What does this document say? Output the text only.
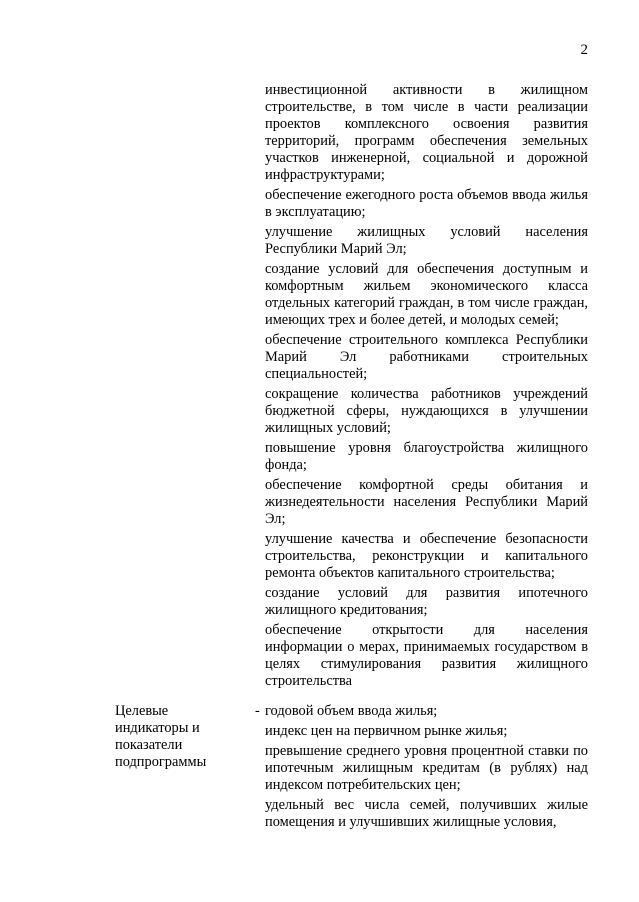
2

инвестиционной активности в жилищном строительстве, в том числе в части реализации проектов комплексного освоения развития территорий, программ обеспечения земельных участков инженерной, социальной и дорожной инфраструктурами;

обеспечение ежегодного роста объемов ввода жилья в эксплуатацию;

улучшение жилищных условий населения Республики Марий Эл;

создание условий для обеспечения доступным и комфортным жильем экономического класса отдельных категорий граждан, в том числе граждан, имеющих трех и более детей, и молодых семей;

обеспечение строительного комплекса Республики Марий Эл работниками строительных специальностей;

сокращение количества работников учреждений бюджетной сферы, нуждающихся в улучшении жилищных условий;

повышение уровня благоустройства жилищного фонда;

обеспечение комфортной среды обитания и жизнедеятельности населения Республики Марий Эл;

улучшение качества и обеспечение безопасности строительства, реконструкции и капитального ремонта объектов капитального строительства;

создание условий для развития ипотечного жилищного кредитования;

обеспечение открытости для населения информации о мерах, принимаемых государством в целях стимулирования развития жилищного строительства

Целевые индикаторы и показатели подпрограммы
- годовой объем ввода жилья;

индекс цен на первичном рынке жилья;

превышение среднего уровня процентной ставки по ипотечным жилищным кредитам (в рублях) над индексом потребительских цен;

удельный вес числа семей, получивших жилые помещения и улучшивших жилищные условия,
